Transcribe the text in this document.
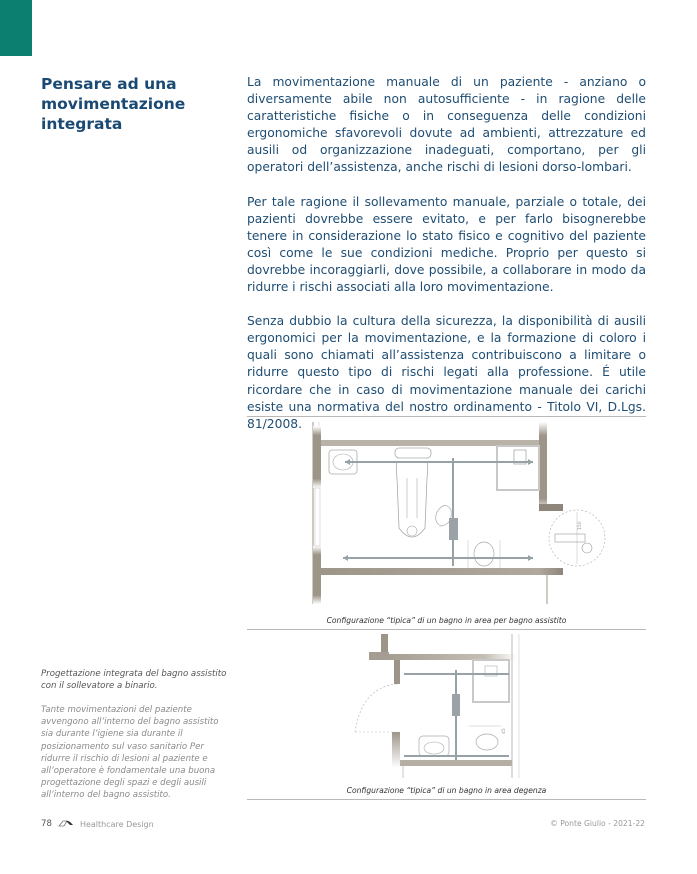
Pensare ad una movimentazione integrata

La movimentazione manuale di un paziente - anziano o diversamente abile non autosufficiente - in ragione delle caratteristiche fisiche o in conseguenza delle condizioni ergonomiche sfavorevoli dovute ad ambienti, attrezzature ed ausili od organizzazione inadeguati, comportano, per gli operatori dell’assistenza, anche rischi di lesioni dorso-lombari.

Per tale ragione il sollevamento manuale, parziale o totale, dei pazienti dovrebbe essere evitato, e per farlo bisognerebbe tenere in considerazione lo stato fisico e cognitivo del paziente così come le sue condizioni mediche. Proprio per questo si dovrebbe incoraggiarli, dove possibile, a collaborare in modo da ridurre i rischi associati alla loro movimentazione.

Senza dubbio la cultura della sicurezza, la disponibilità di ausili ergonomici per la movimentazione, e la formazione di coloro i quali sono chiamati all’assistenza contribuiscono a limitare o ridurre questo tipo di rischi legati alla professione. É utile ricordare che in caso di movimentazione manuale dei carichi esiste una normativa del nostro ordinamento - Titolo VI, D.Lgs. 81/2008.

150
Configurazione “tipica” di un bagno in area per bagno assistito
45
Configurazione “tipica” di un bagno in area degenza

Progettazione integrata del bagno assistito con il sollevatore a binario.

Tante movimentazioni del paziente avvengono all’interno del bagno assistito sia durante l’igiene sia durante il posizionamento sul vaso sanitario Per ridurre il rischio di lesioni al paziente e all’operatore è fondamentale una buona progettazione degli spazi e degli ausili all’interno del bagno assistito.

78	Healthcare Design	© Ponte Giulio - 2021-22
